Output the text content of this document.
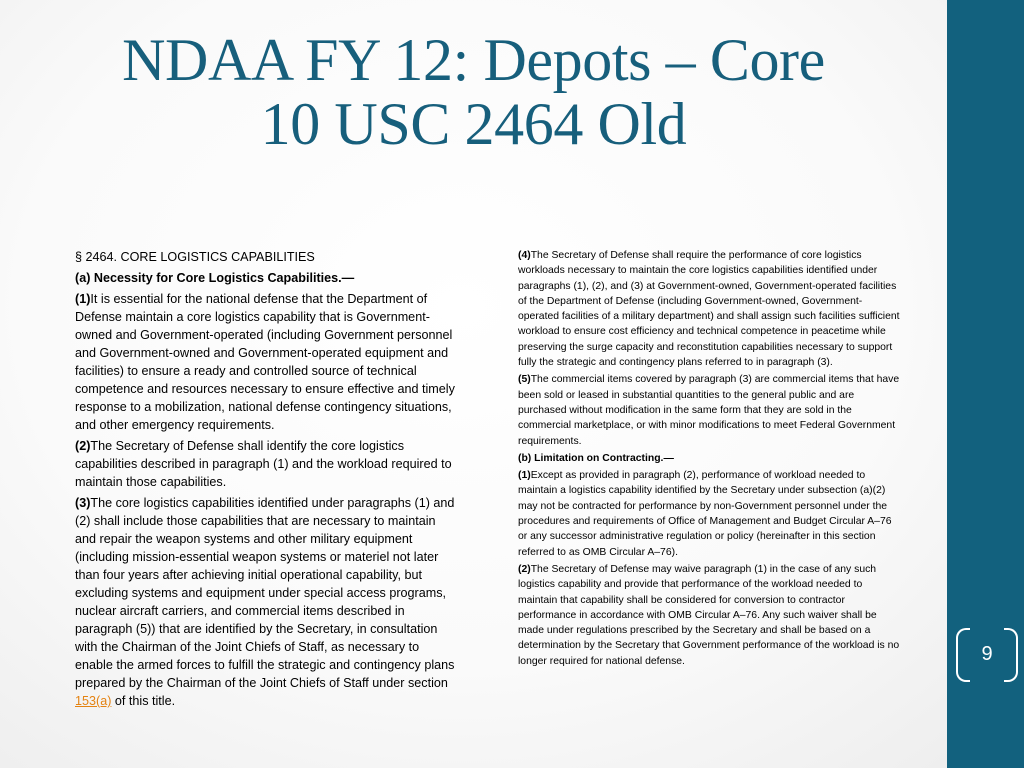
9
NDAA FY 12: Depots – Core
10 USC 2464 Old

§ 2464. CORE LOGISTICS CAPABILITIES

(a) Necessity for Core Logistics Capabilities.—

(1)It is essential for the national defense that the Department of Defense maintain a core logistics capability that is Government-owned and Government-operated (including Government personnel and Government-owned and Government-operated equipment and facilities) to ensure a ready and controlled source of technical competence and resources necessary to ensure effective and timely response to a mobilization, national defense contingency situations, and other emergency requirements.

(2)The Secretary of Defense shall identify the core logistics capabilities described in paragraph (1) and the workload required to maintain those capabilities.

(3)The core logistics capabilities identified under paragraphs (1) and (2) shall include those capabilities that are necessary to maintain and repair the weapon systems and other military equipment (including mission-essential weapon systems or materiel not later than four years after achieving initial operational capability, but excluding systems and equipment under special access programs, nuclear aircraft carriers, and commercial items described in paragraph (5)) that are identified by the Secretary, in consultation with the Chairman of the Joint Chiefs of Staff, as necessary to enable the armed forces to fulfill the strategic and contingency plans prepared by the Chairman of the Joint Chiefs of Staff under section
153(a) of this title.

(4)The Secretary of Defense shall require the performance of core logistics workloads necessary to maintain the core logistics capabilities identified under paragraphs (1), (2), and (3) at Government-owned, Government-operated facilities of the Department of Defense (including Government-owned, Government-operated facilities of a military department) and shall assign such facilities sufficient workload to ensure cost efficiency and technical competence in peacetime while preserving the surge capacity and reconstitution capabilities necessary to support fully the strategic and contingency plans referred to in paragraph (3).

(5)The commercial items covered by paragraph (3) are commercial items that have been sold or leased in substantial quantities to the general public and are purchased without modification in the same form that they are sold in the commercial marketplace, or with minor modifications to meet Federal Government requirements.

(b) Limitation on Contracting.—

(1)Except as provided in paragraph (2), performance of workload needed to maintain a logistics capability identified by the Secretary under subsection (a)(2) may not be contracted for performance by non-Government personnel under the procedures and requirements of Office of Management and Budget Circular A–76 or any successor administrative regulation or policy (hereinafter in this section referred to as OMB Circular A–76).

(2)The Secretary of Defense may waive paragraph (1) in the case of any such logistics capability and provide that performance of the workload needed to maintain that capability shall be considered for conversion to contractor performance in accordance with OMB Circular A–76. Any such waiver shall be made under regulations prescribed by the Secretary and shall be based on a determination by the Secretary that Government performance of the workload is no longer required for national defense.
